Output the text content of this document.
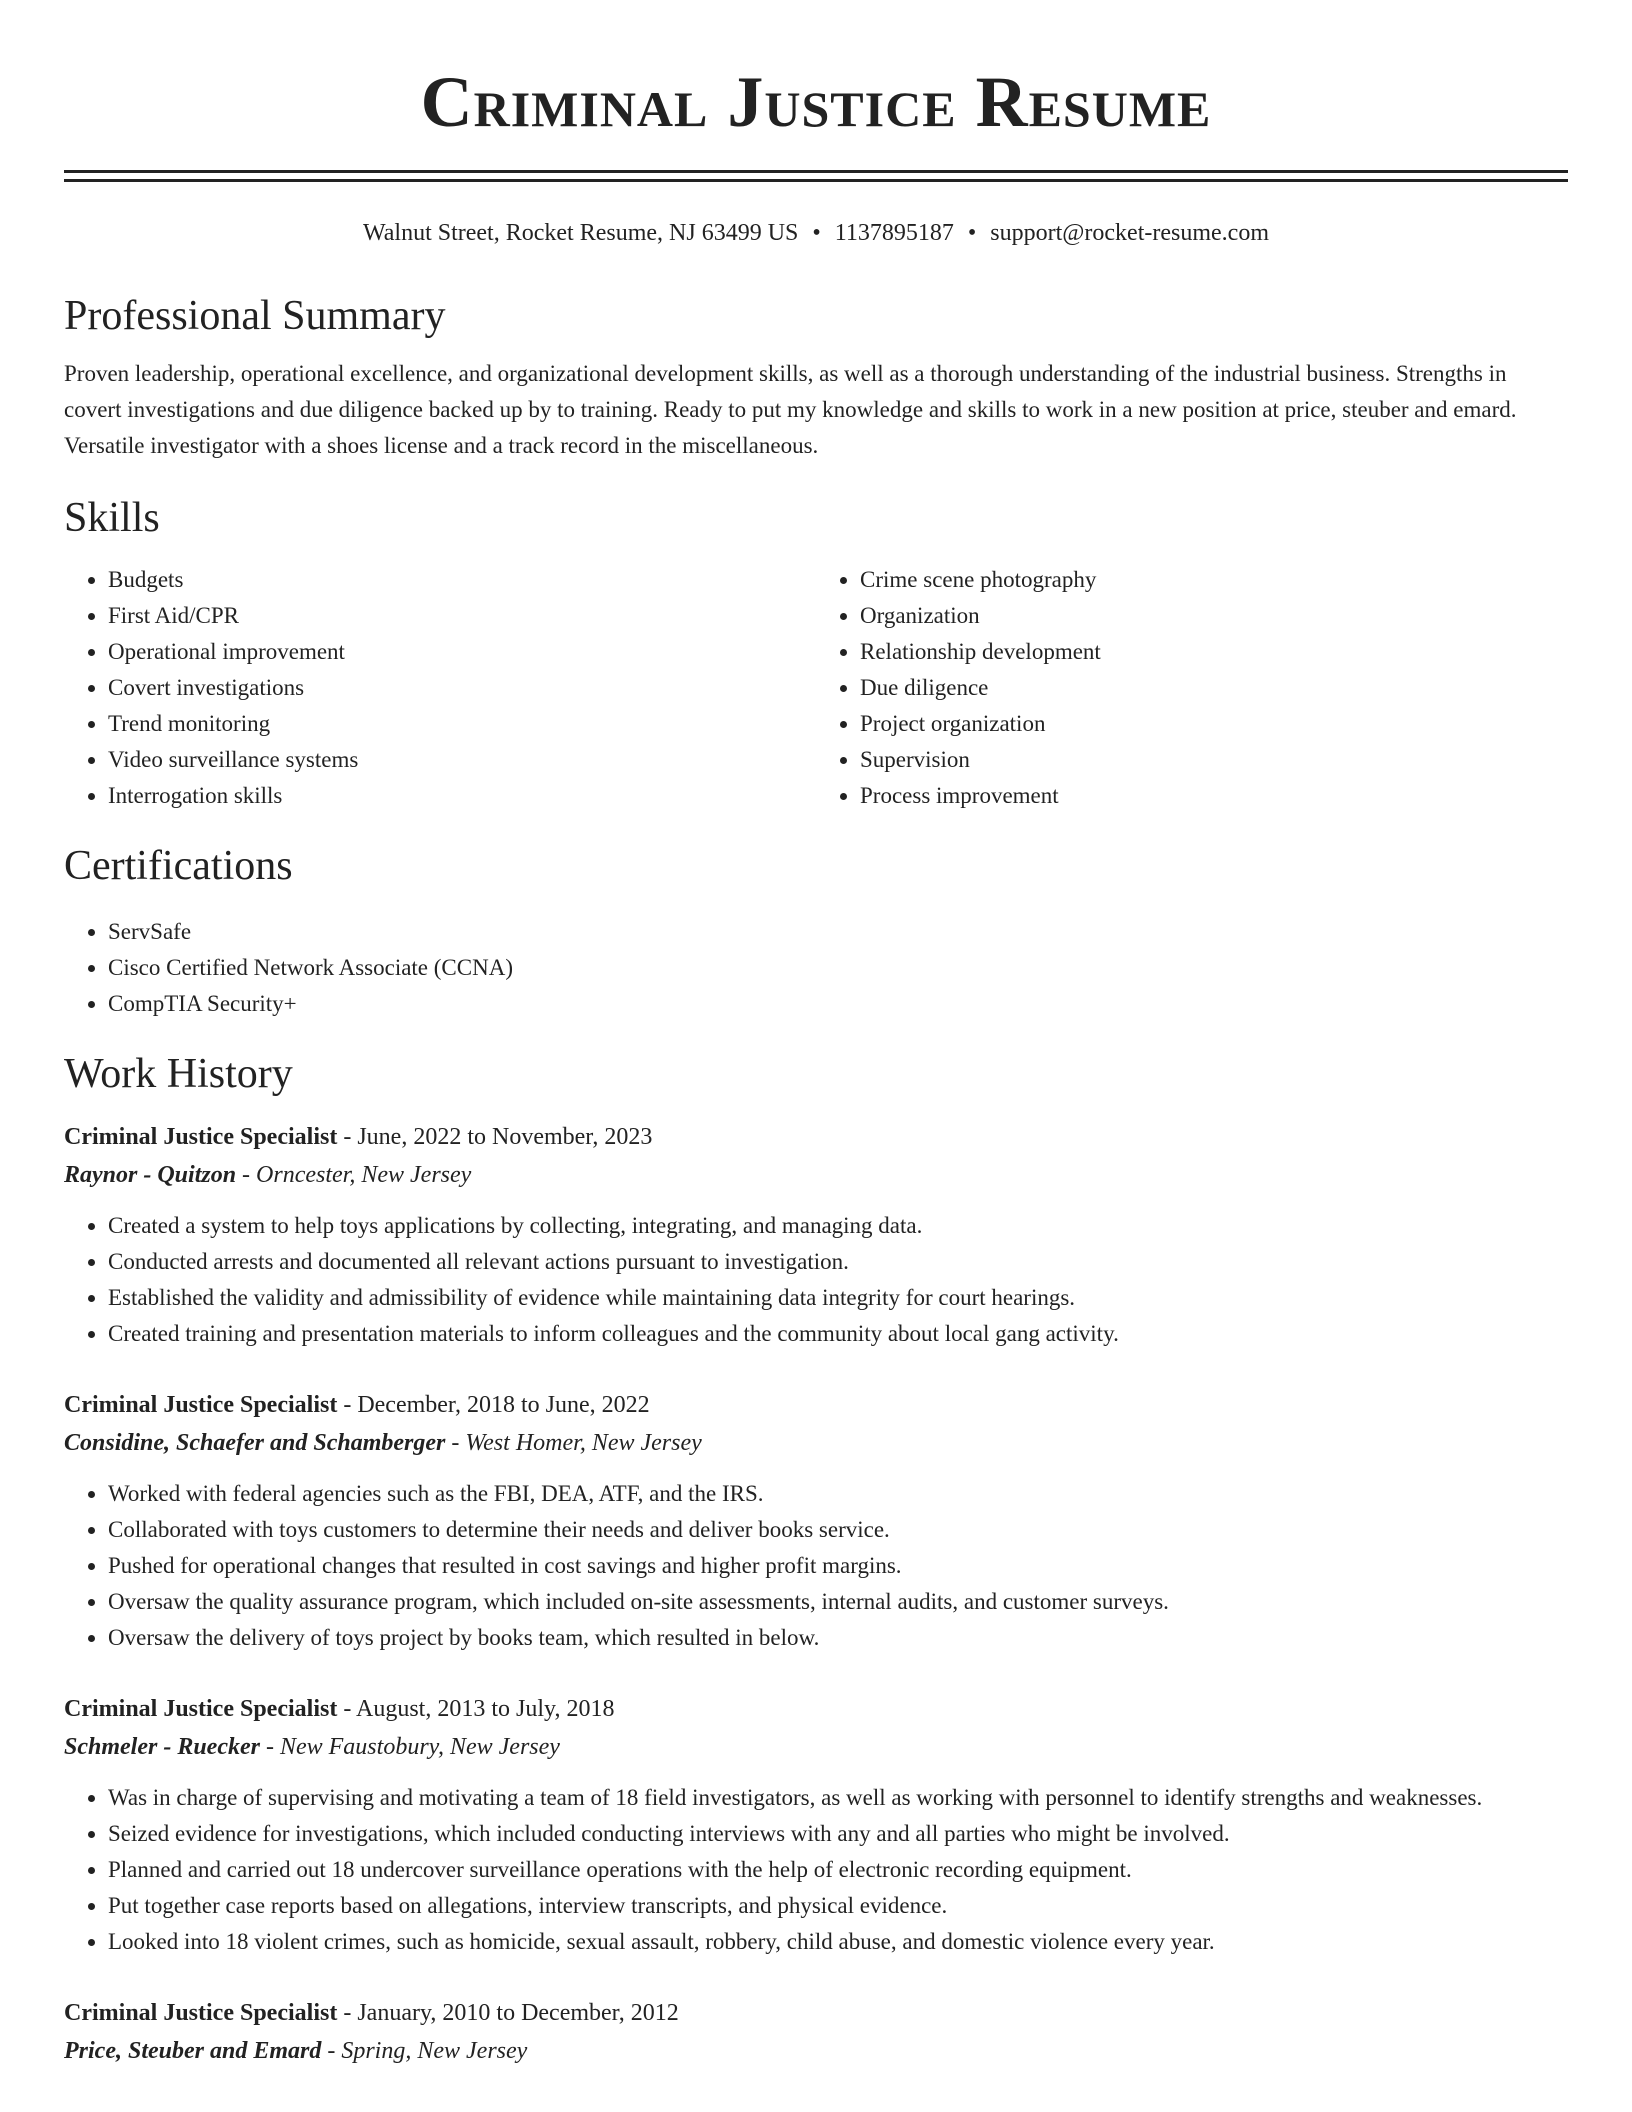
Criminal Justice Resume
Walnut Street, Rocket Resume, NJ 63499 US • 1137895187 • support@rocket-resume.com
Professional Summary
Proven leadership, operational excellence, and organizational development skills, as well as a thorough understanding of the industrial business. Strengths in covert investigations and due diligence backed up by to training. Ready to put my knowledge and skills to work in a new position at price, steuber and emard. Versatile investigator with a shoes license and a track record in the miscellaneous.
Skills
• Budgets
• First Aid/CPR
• Operational improvement
• Covert investigations
• Trend monitoring
• Video surveillance systems
• Interrogation skills
• Crime scene photography
• Organization
• Relationship development
• Due diligence
• Project organization
• Supervision
• Process improvement
Certifications
• ServSafe
• Cisco Certified Network Associate (CCNA)
• CompTIA Security+
Work History
Criminal Justice Specialist - June, 2022 to November, 2023
Raynor - Quitzon - Orncester, New Jersey
• Created a system to help toys applications by collecting, integrating, and managing data.
• Conducted arrests and documented all relevant actions pursuant to investigation.
• Established the validity and admissibility of evidence while maintaining data integrity for court hearings.
• Created training and presentation materials to inform colleagues and the community about local gang activity.
Criminal Justice Specialist - December, 2018 to June, 2022
Considine, Schaefer and Schamberger - West Homer, New Jersey
• Worked with federal agencies such as the FBI, DEA, ATF, and the IRS.
• Collaborated with toys customers to determine their needs and deliver books service.
• Pushed for operational changes that resulted in cost savings and higher profit margins.
• Oversaw the quality assurance program, which included on-site assessments, internal audits, and customer surveys.
• Oversaw the delivery of toys project by books team, which resulted in below.
Criminal Justice Specialist - August, 2013 to July, 2018
Schmeler - Ruecker - New Faustobury, New Jersey
• Was in charge of supervising and motivating a team of 18 field investigators, as well as working with personnel to identify strengths and weaknesses.
• Seized evidence for investigations, which included conducting interviews with any and all parties who might be involved.
• Planned and carried out 18 undercover surveillance operations with the help of electronic recording equipment.
• Put together case reports based on allegations, interview transcripts, and physical evidence.
• Looked into 18 violent crimes, such as homicide, sexual assault, robbery, child abuse, and domestic violence every year.
Criminal Justice Specialist - January, 2010 to December, 2012
Price, Steuber and Emard - Spring, New Jersey
